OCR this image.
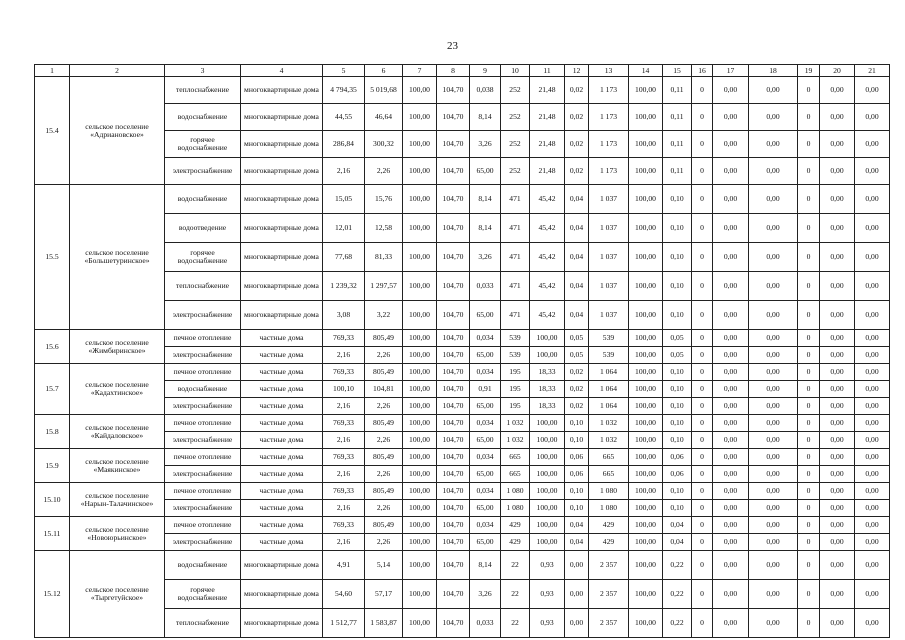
23
1	2	3	4	5	6	7	8	9	10	11	12	13	14	15	16	17	18	19	20	21
15.4	сельское поселение «Адриановское»	теплоснабжение	многоквартирные дома	4 794,35	5 019,68	100,00	104,70	0,038	252	21,48	0,02	1 173	100,00	0,11	0	0,00	0,00	0	0,00	0,00
		водоснабжение	многоквартирные дома	44,55	46,64	100,00	104,70	8,14	252	21,48	0,02	1 173	100,00	0,11	0	0,00	0,00	0	0,00	0,00
		горячее водоснабжение	многоквартирные дома	286,84	300,32	100,00	104,70	3,26	252	21,48	0,02	1 173	100,00	0,11	0	0,00	0,00	0	0,00	0,00
		электроснабжение	многоквартирные дома	2,16	2,26	100,00	104,70	65,00	252	21,48	0,02	1 173	100,00	0,11	0	0,00	0,00	0	0,00	0,00
15.5	сельское поселение «Большетуринское»	водоснабжение	многоквартирные дома	15,05	15,76	100,00	104,70	8,14	471	45,42	0,04	1 037	100,00	0,10	0	0,00	0,00	0	0,00	0,00
		водоотведение	многоквартирные дома	12,01	12,58	100,00	104,70	8,14	471	45,42	0,04	1 037	100,00	0,10	0	0,00	0,00	0	0,00	0,00
		горячее водоснабжение	многоквартирные дома	77,68	81,33	100,00	104,70	3,26	471	45,42	0,04	1 037	100,00	0,10	0	0,00	0,00	0	0,00	0,00
		теплоснабжение	многоквартирные дома	1 239,32	1 297,57	100,00	104,70	0,033	471	45,42	0,04	1 037	100,00	0,10	0	0,00	0,00	0	0,00	0,00
		электроснабжение	многоквартирные дома	3,08	3,22	100,00	104,70	65,00	471	45,42	0,04	1 037	100,00	0,10	0	0,00	0,00	0	0,00	0,00
15.6	сельское поселение «Жимбиринское»	печное отопление	частные дома	769,33	805,49	100,00	104,70	0,034	539	100,00	0,05	539	100,00	0,05	0	0,00	0,00	0	0,00	0,00
		электроснабжение	частные дома	2,16	2,26	100,00	104,70	65,00	539	100,00	0,05	539	100,00	0,05	0	0,00	0,00	0	0,00	0,00
15.7	сельское поселение «Кадахтинское»	печное отопление	частные дома	769,33	805,49	100,00	104,70	0,034	195	18,33	0,02	1 064	100,00	0,10	0	0,00	0,00	0	0,00	0,00
		водоснабжение	частные дома	100,10	104,81	100,00	104,70	0,91	195	18,33	0,02	1 064	100,00	0,10	0	0,00	0,00	0	0,00	0,00
		электроснабжение	частные дома	2,16	2,26	100,00	104,70	65,00	195	18,33	0,02	1 064	100,00	0,10	0	0,00	0,00	0	0,00	0,00
15.8	сельское поселение «Кайдаловское»	печное отопление	частные дома	769,33	805,49	100,00	104,70	0,034	1 032	100,00	0,10	1 032	100,00	0,10	0	0,00	0,00	0	0,00	0,00
		электроснабжение	частные дома	2,16	2,26	100,00	104,70	65,00	1 032	100,00	0,10	1 032	100,00	0,10	0	0,00	0,00	0	0,00	0,00
15.9	сельское поселение «Маякинское»	печное отопление	частные дома	769,33	805,49	100,00	104,70	0,034	665	100,00	0,06	665	100,00	0,06	0	0,00	0,00	0	0,00	0,00
		электроснабжение	частные дома	2,16	2,26	100,00	104,70	65,00	665	100,00	0,06	665	100,00	0,06	0	0,00	0,00	0	0,00	0,00
15.10	сельское поселение «Нарын-Талачинское»	печное отопление	частные дома	769,33	805,49	100,00	104,70	0,034	1 080	100,00	0,10	1 080	100,00	0,10	0	0,00	0,00	0	0,00	0,00
		электроснабжение	частные дома	2,16	2,26	100,00	104,70	65,00	1 080	100,00	0,10	1 080	100,00	0,10	0	0,00	0,00	0	0,00	0,00
15.11	сельское поселение «Новоюрьинское»	печное отопление	частные дома	769,33	805,49	100,00	104,70	0,034	429	100,00	0,04	429	100,00	0,04	0	0,00	0,00	0	0,00	0,00
		электроснабжение	частные дома	2,16	2,26	100,00	104,70	65,00	429	100,00	0,04	429	100,00	0,04	0	0,00	0,00	0	0,00	0,00
15.12	сельское поселение «Тыргетуйское»	водоснабжение	многоквартирные дома	4,91	5,14	100,00	104,70	8,14	22	0,93	0,00	2 357	100,00	0,22	0	0,00	0,00	0	0,00	0,00
		горячее водоснабжение	многоквартирные дома	54,60	57,17	100,00	104,70	3,26	22	0,93	0,00	2 357	100,00	0,22	0	0,00	0,00	0	0,00	0,00
		теплоснабжение	многоквартирные дома	1 512,77	1 583,87	100,00	104,70	0,033	22	0,93	0,00	2 357	100,00	0,22	0	0,00	0,00	0	0,00	0,00
